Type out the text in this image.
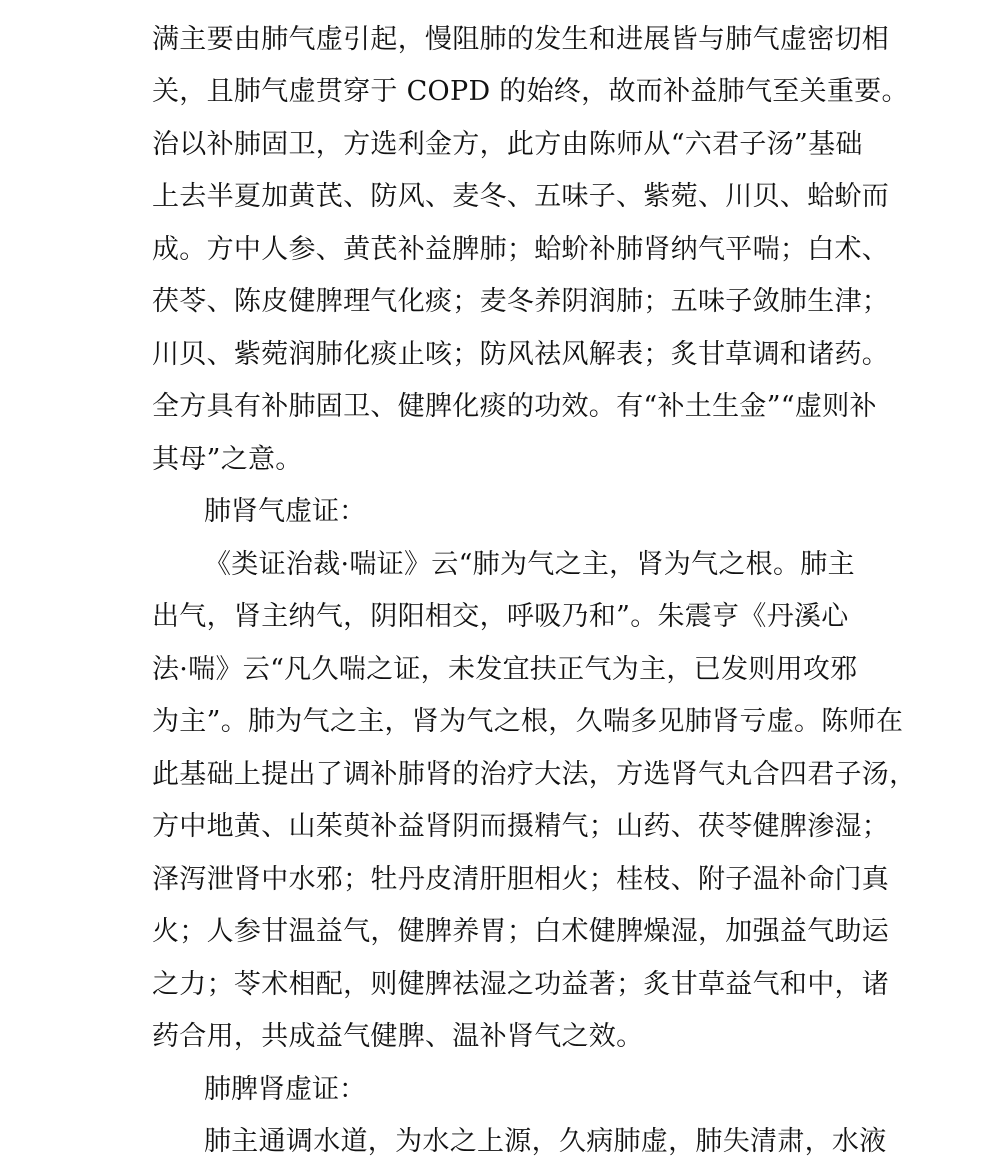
满主要由肺气虚引起，慢阻肺的发生和进展皆与肺气虚密切相
关，且肺气虚贯穿于 COPD 的始终，故而补益肺气至关重要。
治以补肺固卫，方选利金方，此方由陈师从“六君子汤”基础
上去半夏加黄芪、防风、麦冬、五味子、紫菀、川贝、蛤蚧而
成。方中人参、黄芪补益脾肺；蛤蚧补肺肾纳气平喘；白术、
茯苓、陈皮健脾理气化痰；麦冬养阴润肺；五味子敛肺生津；
川贝、紫菀润肺化痰止咳；防风祛风解表；炙甘草调和诸药。
全方具有补肺固卫、健脾化痰的功效。有“补土生金”“虚则补
其母”之意。
肺肾气虚证：
《类证治裁·喘证》云“肺为气之主，肾为气之根。肺主
出气，肾主纳气，阴阳相交，呼吸乃和”。朱震亨《丹溪心
法·喘》云“凡久喘之证，未发宜扶正气为主，已发则用攻邪
为主”。肺为气之主，肾为气之根，久喘多见肺肾亏虚。陈师在
此基础上提出了调补肺肾的治疗大法，方选肾气丸合四君子汤，
方中地黄、山茱萸补益肾阴而摄精气；山药、茯苓健脾渗湿；
泽泻泄肾中水邪；牡丹皮清肝胆相火；桂枝、附子温补命门真
火；人参甘温益气，健脾养胃；白术健脾燥湿，加强益气助运
之力；苓术相配，则健脾祛湿之功益著；炙甘草益气和中，诸
药合用，共成益气健脾、温补肾气之效。
肺脾肾虚证：
肺主通调水道，为水之上源，久病肺虚，肺失清肃，水液
